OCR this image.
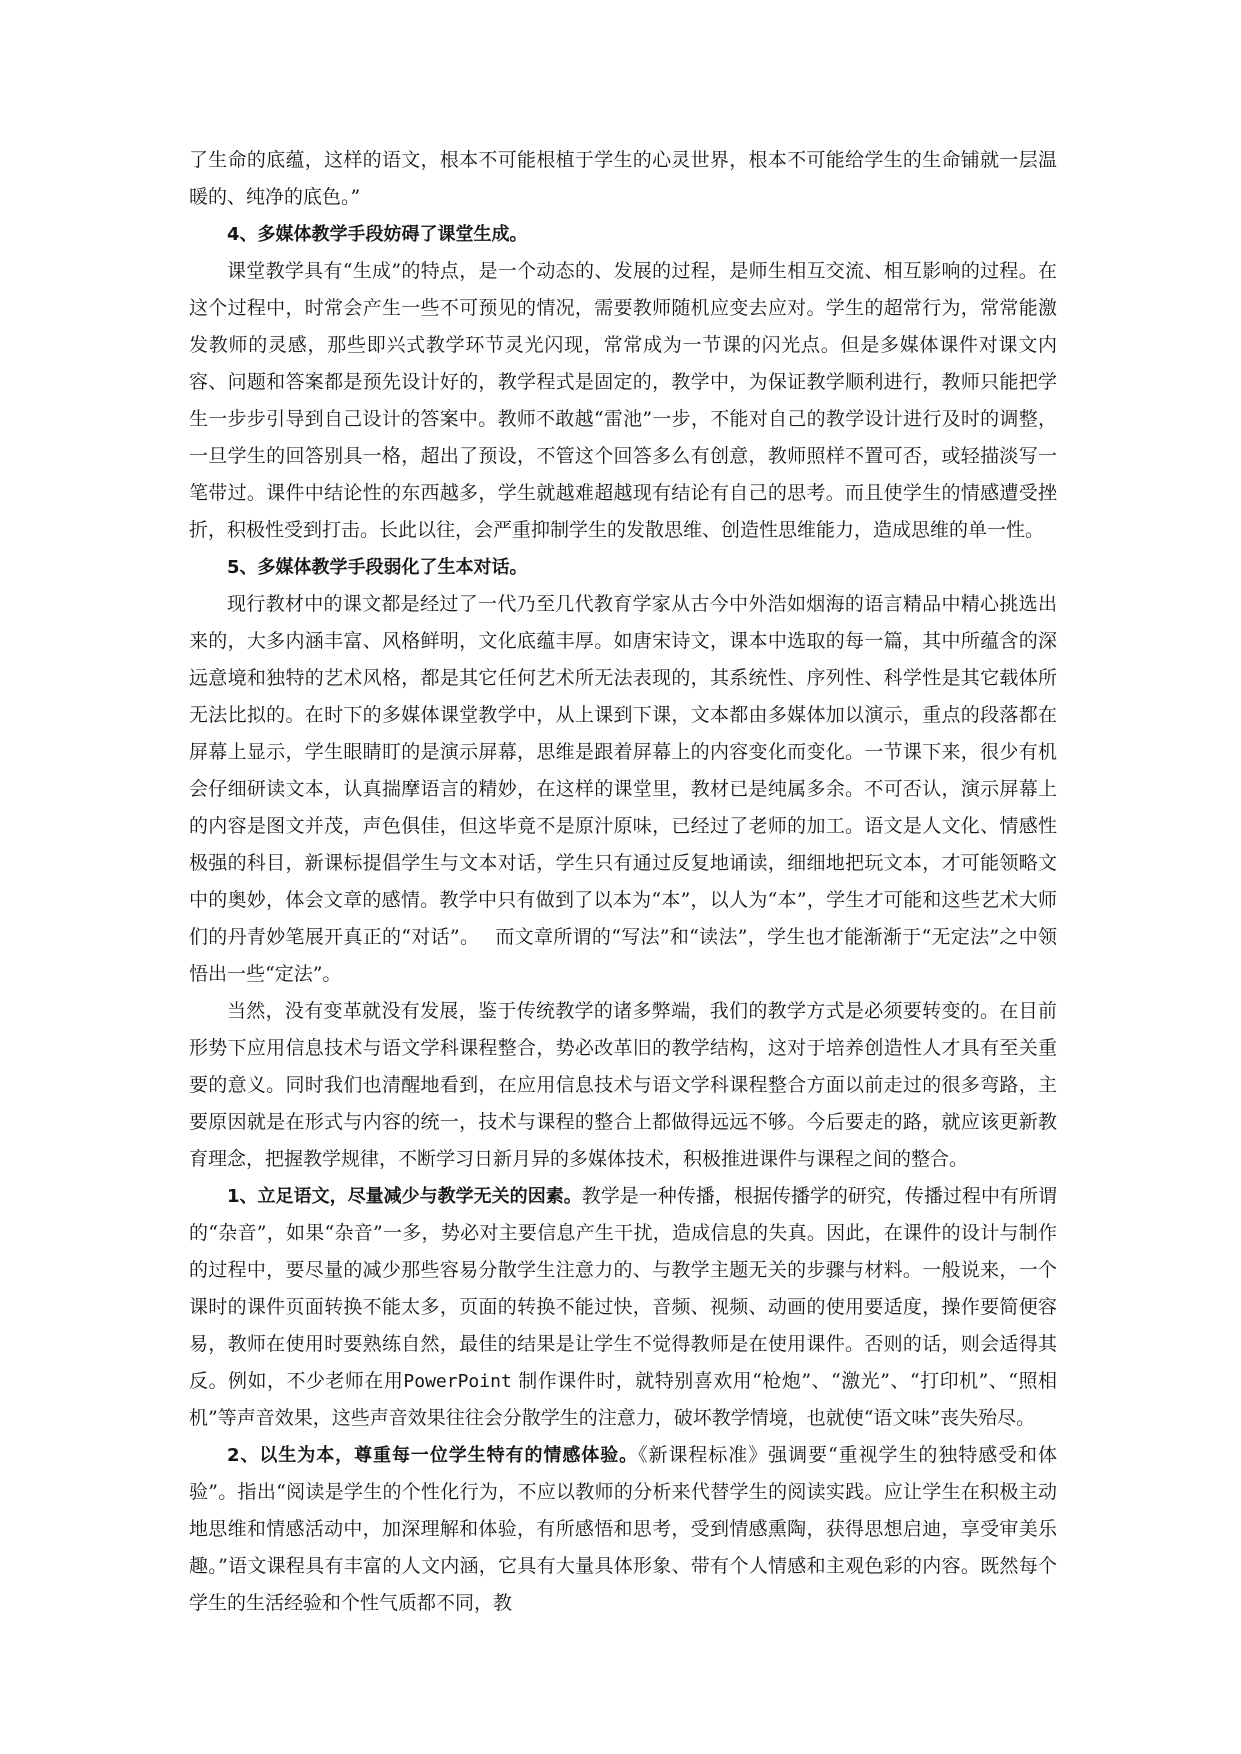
了生命的底蕴，这样的语文，根本不可能根植于学生的心灵世界，根本不可能给学生的生命铺就一层温暖的、纯净的底色。”

4、多媒体教学手段妨碍了课堂生成。

课堂教学具有“生成”的特点，是一个动态的、发展的过程，是师生相互交流、相互影响的过程。在这个过程中，时常会产生一些不可预见的情况，需要教师随机应变去应对。学生的超常行为，常常能激发教师的灵感，那些即兴式教学环节灵光闪现，常常成为一节课的闪光点。但是多媒体课件对课文内容、问题和答案都是预先设计好的，教学程式是固定的，教学中，为保证教学顺利进行，教师只能把学生一步步引导到自己设计的答案中。教师不敢越“雷池”一步，不能对自己的教学设计进行及时的调整，一旦学生的回答别具一格，超出了预设，不管这个回答多么有创意，教师照样不置可否，或轻描淡写一笔带过。课件中结论性的东西越多，学生就越难超越现有结论有自己的思考。而且使学生的情感遭受挫折，积极性受到打击。长此以往，会严重抑制学生的发散思维、创造性思维能力，造成思维的单一性。

5、多媒体教学手段弱化了生本对话。

现行教材中的课文都是经过了一代乃至几代教育学家从古今中外浩如烟海的语言精品中精心挑选出来的，大多内涵丰富、风格鲜明，文化底蕴丰厚。如唐宋诗文，课本中选取的每一篇，其中所蕴含的深远意境和独特的艺术风格，都是其它任何艺术所无法表现的，其系统性、序列性、科学性是其它载体所无法比拟的。在时下的多媒体课堂教学中，从上课到下课，文本都由多媒体加以演示，重点的段落都在屏幕上显示，学生眼睛盯的是演示屏幕，思维是跟着屏幕上的内容变化而变化。一节课下来，很少有机会仔细研读文本，认真揣摩语言的精妙，在这样的课堂里，教材已是纯属多余。不可否认，演示屏幕上的内容是图文并茂，声色俱佳，但这毕竟不是原汁原味，已经过了老师的加工。语文是人文化、情感性极强的科目，新课标提倡学生与文本对话，学生只有通过反复地诵读，细细地把玩文本，才可能领略文中的奥妙，体会文章的感情。教学中只有做到了以本为“本”，以人为“本”，学生才可能和这些艺术大师们的丹青妙笔展开真正的“对话”。　 而文章所谓的“写法”和“读法”，学生也才能渐渐于“无定法”之中领悟出一些“定法”。

当然，没有变革就没有发展，鉴于传统教学的诸多弊端，我们的教学方式是必须要转变的。在目前形势下应用信息技术与语文学科课程整合，势必改革旧的教学结构，这对于培养创造性人才具有至关重要的意义。同时我们也清醒地看到，在应用信息技术与语文学科课程整合方面以前走过的很多弯路，主要原因就是在形式与内容的统一，技术与课程的整合上都做得远远不够。今后要走的路，就应该更新教育理念，把握教学规律，不断学习日新月异的多媒体技术，积极推进课件与课程之间的整合。

1、立足语文，尽量减少与教学无关的因素。教学是一种传播，根据传播学的研究，传播过程中有所谓的“杂音”，如果“杂音”一多，势必对主要信息产生干扰，造成信息的失真。因此，在课件的设计与制作的过程中，要尽量的减少那些容易分散学生注意力的、与教学主题无关的步骤与材料。一般说来，一个课时的课件页面转换不能太多，页面的转换不能过快，音频、视频、动画的使用要适度，操作要简便容易，教师在使用时要熟练自然，最佳的结果是让学生不觉得教师是在使用课件。否则的话，则会适得其反。例如，不少老师在用PowerPoint 制作课件时，就特别喜欢用“枪炮”、“激光”、“打印机”、“照相机”等声音效果，这些声音效果往往会分散学生的注意力，破坏教学情境，也就使“语文味”丧失殆尽。

2、以生为本，尊重每一位学生特有的情感体验。《新课程标准》强调要“重视学生的独特感受和体验”。指出“阅读是学生的个性化行为，不应以教师的分析来代替学生的阅读实践。应让学生在积极主动地思维和情感活动中，加深理解和体验，有所感悟和思考，受到情感熏陶，获得思想启迪，享受审美乐趣。”语文课程具有丰富的人文内涵，它具有大量具体形象、带有个人情感和主观色彩的内容。既然每个学生的生活经验和个性气质都不同，教
